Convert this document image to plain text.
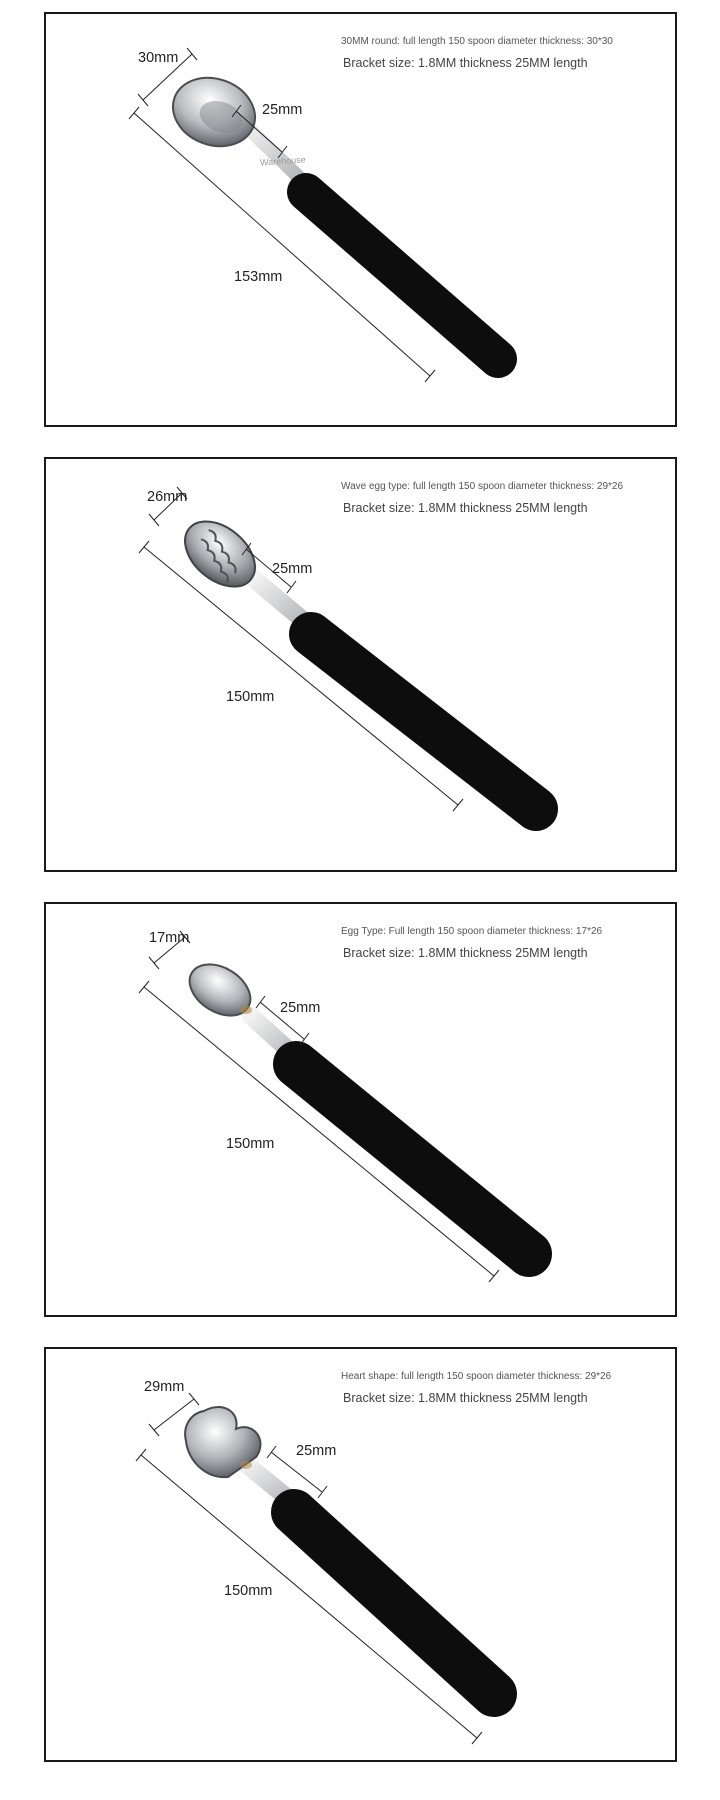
30MM round: full length 150 spoon diameter thickness: 30*30
Bracket size: 1.8MM thickness 25MM length
30mm
25mm
153mm
Warehouse
Wave egg type: full length 150 spoon diameter thickness: 29*26
Bracket size: 1.8MM thickness 25MM length
26mm
25mm
150mm
Egg Type: Full length 150 spoon diameter thickness: 17*26
Bracket size: 1.8MM thickness 25MM length
17mm
25mm
150mm
Heart shape: full length 150 spoon diameter thickness: 29*26
Bracket size: 1.8MM thickness 25MM length
29mm
25mm
150mm
